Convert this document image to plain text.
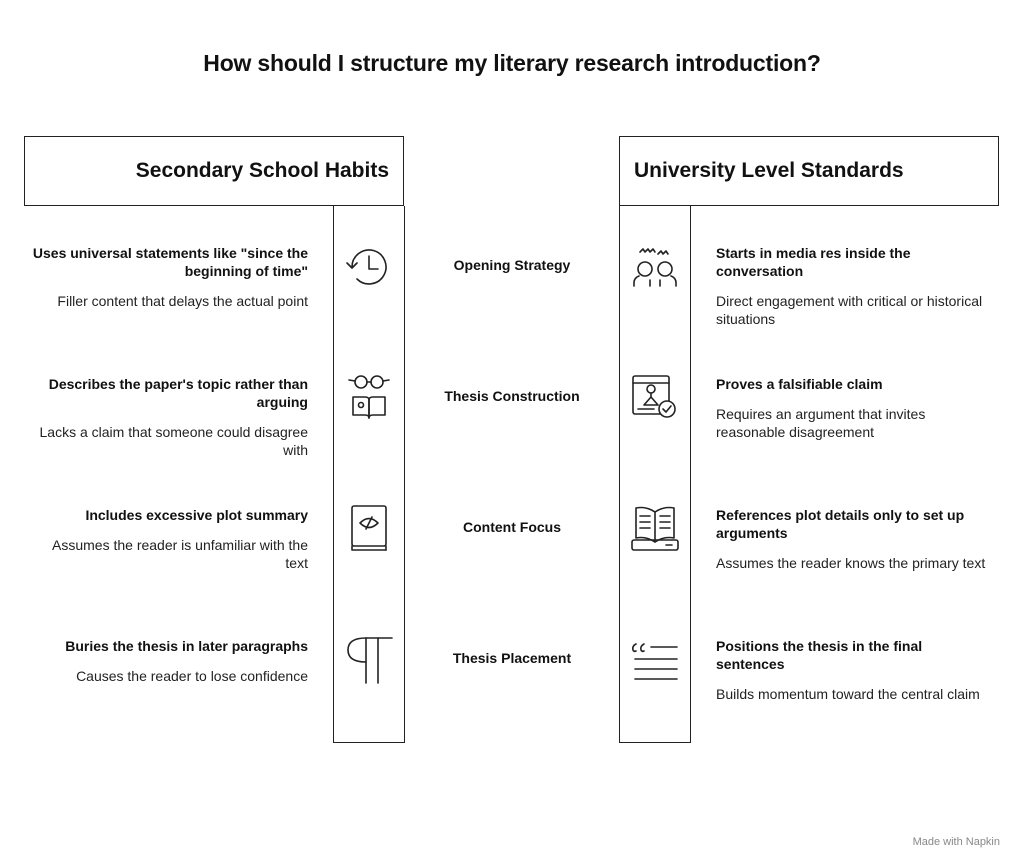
How should I structure my literary research introduction?
Secondary School Habits	University Level Standards
Uses universal statements like "since the beginning of time"
Filler content that delays the actual point
Opening Strategy
Starts in media res inside the conversation
Direct engagement with critical or historical situations
Describes the paper's topic rather than arguing
Lacks a claim that someone could disagree with
Thesis Construction
Proves a falsifiable claim
Requires an argument that invites reasonable disagreement
Includes excessive plot summary
Assumes the reader is unfamiliar with the text
Content Focus
References plot details only to set up arguments
Assumes the reader knows the primary text
Buries the thesis in later paragraphs
Causes the reader to lose confidence
Thesis Placement
Positions the thesis in the final sentences
Builds momentum toward the central claim
Made with Napkin
